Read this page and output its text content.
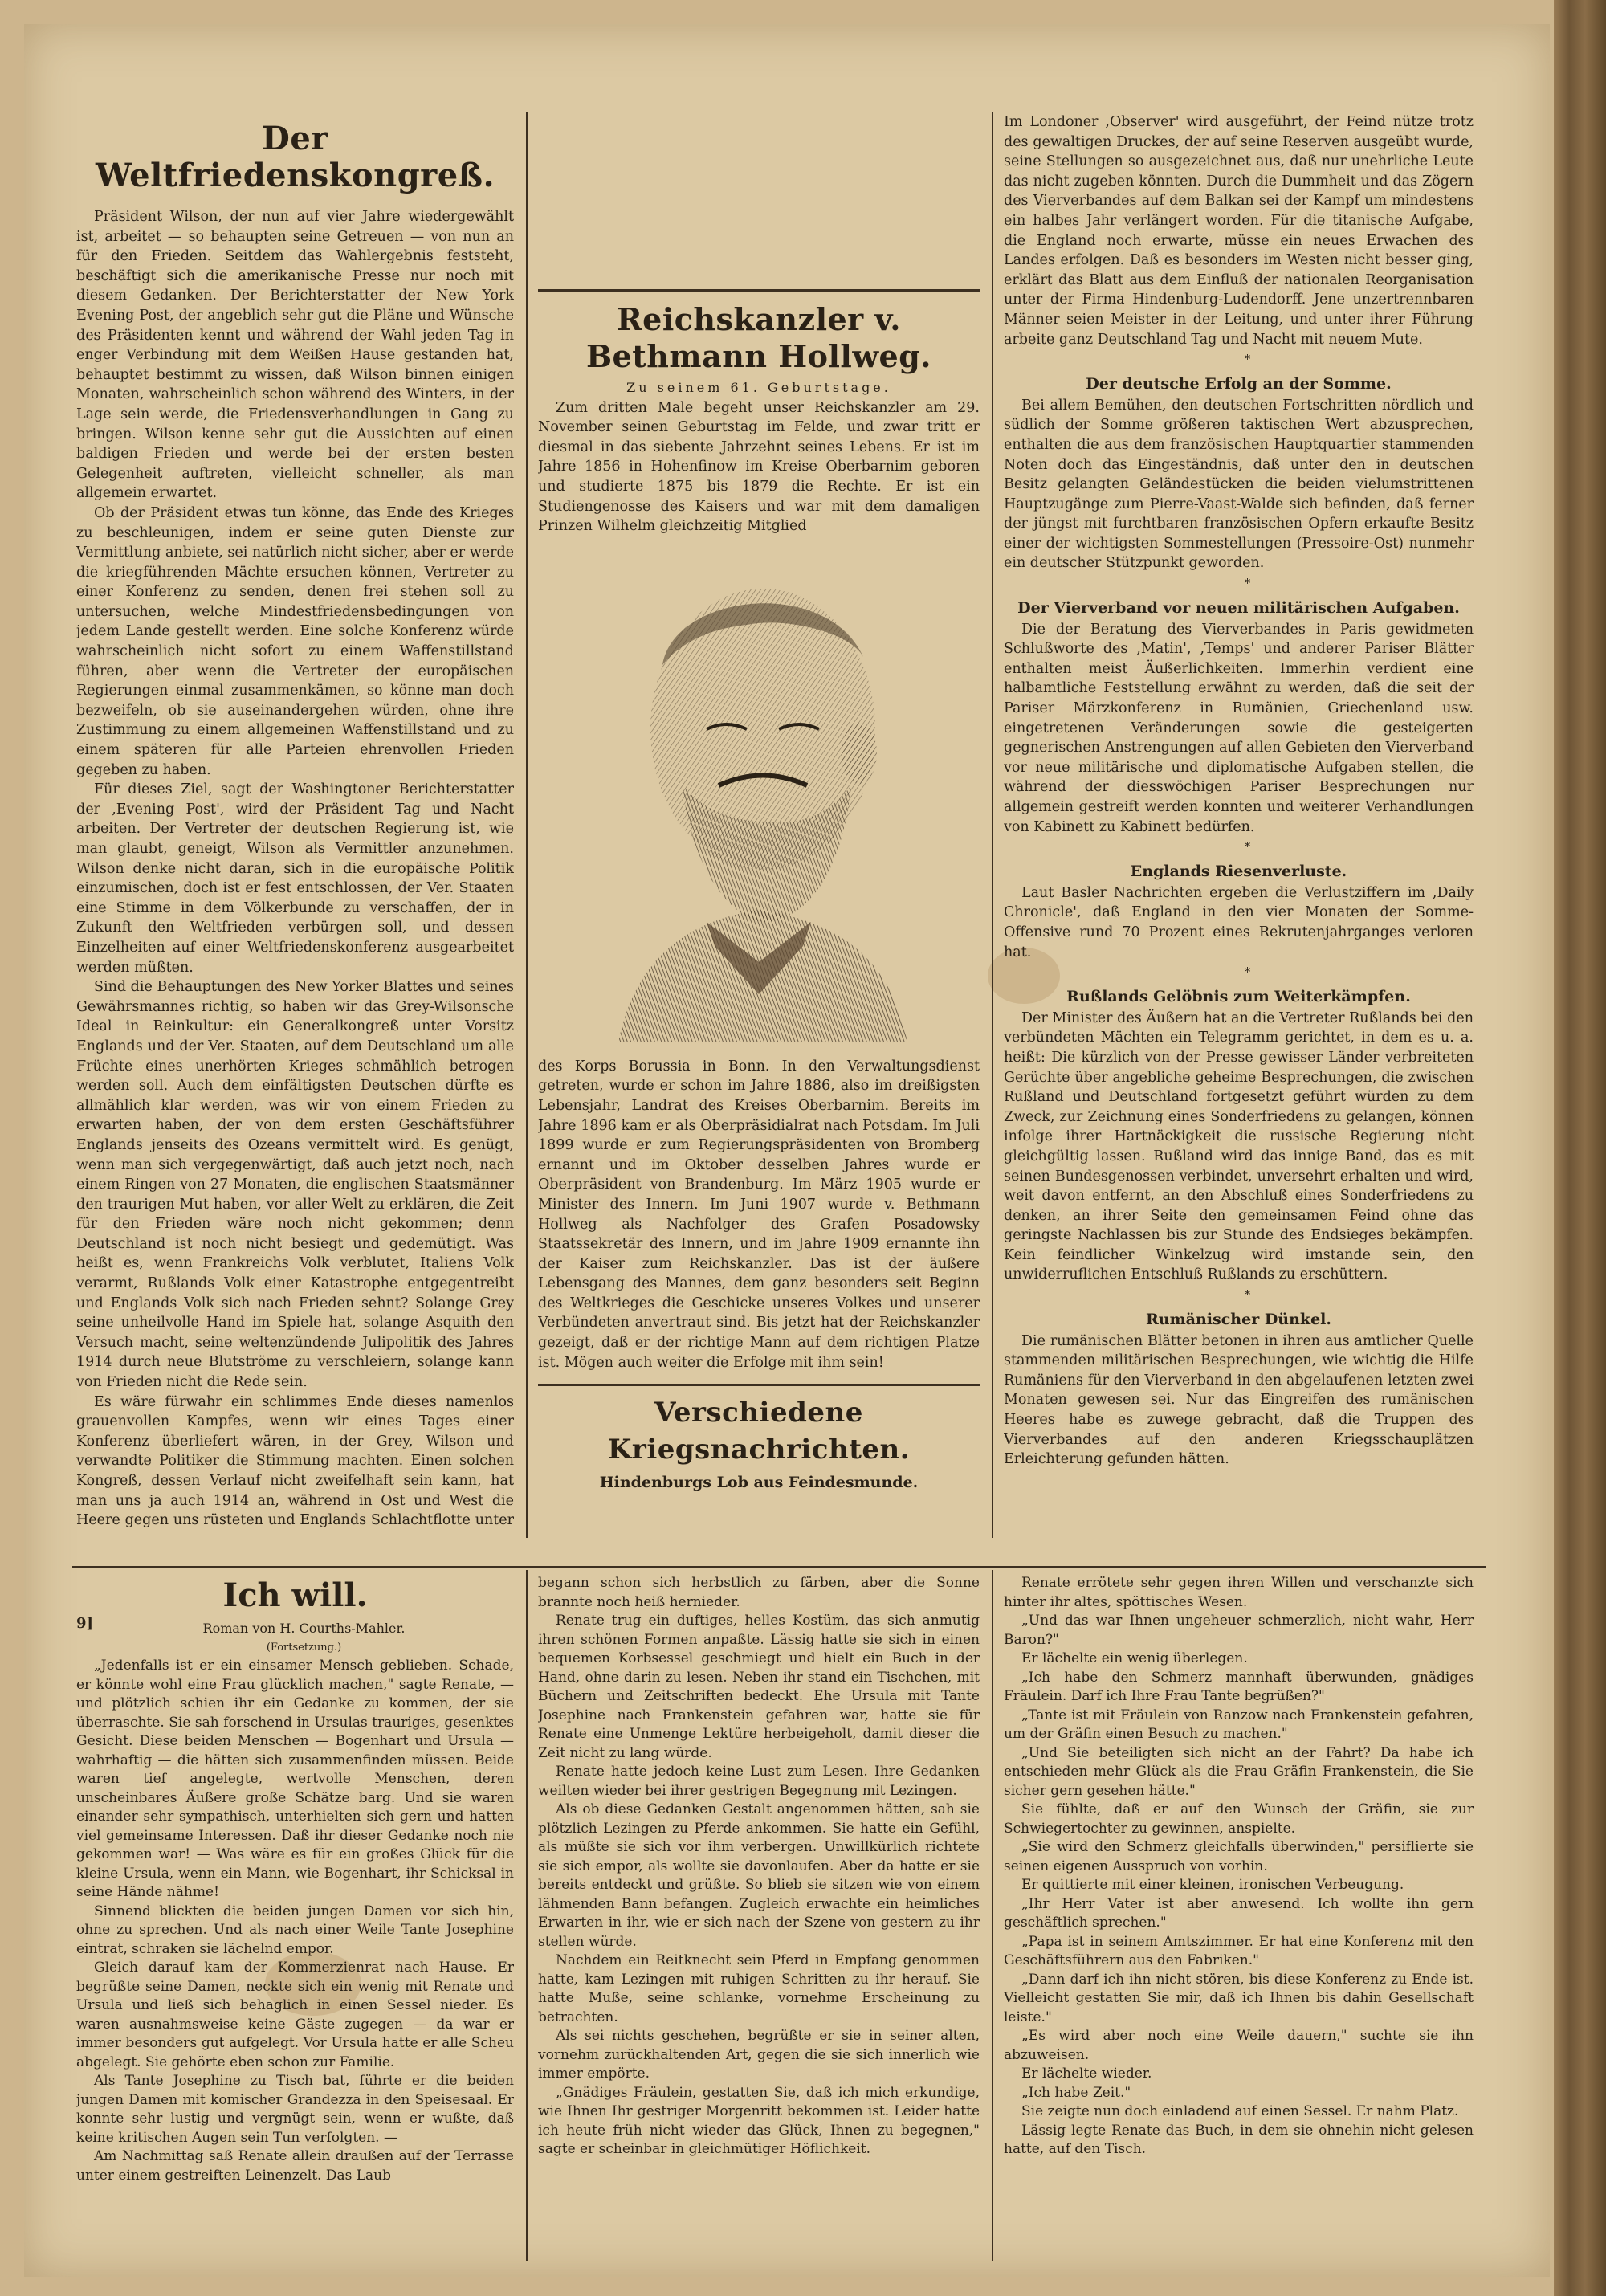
Der Weltfriedenskongreß.

Präsident Wilson, der nun auf vier Jahre wiedergewählt ist, arbeitet — so behaupten seine Getreuen — von nun an für den Frieden. Seitdem das Wahlergebnis feststeht, beschäftigt sich die amerikanische Presse nur noch mit diesem Gedanken. Der Berichterstatter der New York Evening Post, der angeblich sehr gut die Pläne und Wünsche des Präsidenten kennt und während der Wahl jeden Tag in enger Verbindung mit dem Weißen Hause gestanden hat, behauptet bestimmt zu wissen, daß Wilson binnen einigen Monaten, wahrscheinlich schon während des Winters, in der Lage sein werde, die Friedensverhandlungen in Gang zu bringen. Wilson kenne sehr gut die Aussichten auf einen baldigen Frieden und werde bei der ersten besten Gelegenheit auftreten, vielleicht schneller, als man allgemein erwartet.

Ob der Präsident etwas tun könne, das Ende des Krieges zu beschleunigen, indem er seine guten Dienste zur Vermittlung anbiete, sei natürlich nicht sicher, aber er werde die kriegführenden Mächte ersuchen können, Vertreter zu einer Konferenz zu senden, denen frei stehen soll zu untersuchen, welche Mindestfriedensbedingungen von jedem Lande gestellt werden. Eine solche Konferenz würde wahrscheinlich nicht sofort zu einem Waffenstillstand führen, aber wenn die Vertreter der europäischen Regierungen einmal zusammenkämen, so könne man doch bezweifeln, ob sie auseinandergehen würden, ohne ihre Zustimmung zu einem allgemeinen Waffenstillstand und zu einem späteren für alle Parteien ehrenvollen Frieden gegeben zu haben.

Für dieses Ziel, sagt der Washingtoner Berichterstatter der ,Evening Post', wird der Präsident Tag und Nacht arbeiten. Der Vertreter der deutschen Regierung ist, wie man glaubt, geneigt, Wilson als Vermittler anzunehmen. Wilson denke nicht daran, sich in die europäische Politik einzumischen, doch ist er fest entschlossen, der Ver. Staaten eine Stimme in dem Völkerbunde zu verschaffen, der in Zukunft den Weltfrieden verbürgen soll, und dessen Einzelheiten auf einer Weltfriedenskonferenz ausgearbeitet werden müßten.

Sind die Behauptungen des New Yorker Blattes und seines Gewährsmannes richtig, so haben wir das Grey-Wilsonsche Ideal in Reinkultur: ein Generalkongreß unter Vorsitz Englands und der Ver. Staaten, auf dem Deutschland um alle Früchte eines unerhörten Krieges schmählich betrogen werden soll. Auch dem einfältigsten Deutschen dürfte es allmählich klar werden, was wir von einem Frieden zu erwarten haben, der von dem ersten Geschäftsführer Englands jenseits des Ozeans vermittelt wird. Es genügt, wenn man sich vergegenwärtigt, daß auch jetzt noch, nach einem Ringen von 27 Monaten, die englischen Staatsmänner den traurigen Mut haben, vor aller Welt zu erklären, die Zeit für den Frieden wäre noch nicht gekommen; denn Deutschland ist noch nicht besiegt und gedemütigt. Was heißt es, wenn Frankreichs Volk verblutet, Italiens Volk verarmt, Rußlands Volk einer Katastrophe entgegentreibt und Englands Volk sich nach Frieden sehnt? Solange Grey seine unheilvolle Hand im Spiele hat, solange Asquith den Versuch macht, seine weltenzündende Julipolitik des Jahres 1914 durch neue Blutströme zu verschleiern, solange kann von Frieden nicht die Rede sein.

Es wäre fürwahr ein schlimmes Ende dieses namenlos grauenvollen Kampfes, wenn wir eines Tages einer Konferenz überliefert wären, in der Grey, Wilson und verwandte Politiker die Stimmung machten. Einen solchen Kongreß, dessen Verlauf nicht zweifelhaft sein kann, hat man uns ja auch 1914 an, während in Ost und West die Heere gegen uns rüsteten und Englands Schlachtflotte unter

Reichskanzler v. Bethmann Hollweg.

Zu seinem 61. Geburtstage.

Zum dritten Male begeht unser Reichskanzler am 29. November seinen Geburtstag im Felde, und zwar tritt er diesmal in das siebente Jahrzehnt seines Lebens. Er ist im Jahre 1856 in Hohenfinow im Kreise Oberbarnim geboren und studierte 1875 bis 1879 die Rechte. Er ist ein Studiengenosse des Kaisers und war mit dem damaligen Prinzen Wilhelm gleichzeitig Mitglied

des Korps Borussia in Bonn. In den Verwaltungsdienst getreten, wurde er schon im Jahre 1886, also im dreißigsten Lebensjahr, Landrat des Kreises Oberbarnim. Bereits im Jahre 1896 kam er als Oberpräsidialrat nach Potsdam. Im Juli 1899 wurde er zum Regierungspräsidenten von Bromberg ernannt und im Oktober desselben Jahres wurde er Oberpräsident von Brandenburg. Im März 1905 wurde er Minister des Innern. Im Juni 1907 wurde v. Bethmann Hollweg als Nachfolger des Grafen Posadowsky Staatssekretär des Innern, und im Jahre 1909 ernannte ihn der Kaiser zum Reichskanzler. Das ist der äußere Lebensgang des Mannes, dem ganz besonders seit Beginn des Weltkrieges die Geschicke unseres Volkes und unserer Verbündeten anvertraut sind. Bis jetzt hat der Reichskanzler gezeigt, daß er der richtige Mann auf dem richtigen Platze ist. Mögen auch weiter die Erfolge mit ihm sein!

Verschiedene Kriegsnachrichten.
Hindenburgs Lob aus Feindesmunde.

Im Londoner ,Observer' wird ausgeführt, der Feind nütze trotz des gewaltigen Druckes, der auf seine Reserven ausgeübt wurde, seine Stellungen so ausgezeichnet aus, daß nur unehrliche Leute das nicht zugeben könnten. Durch die Dummheit und das Zögern des Vierverbandes auf dem Balkan sei der Kampf um mindestens ein halbes Jahr verlängert worden. Für die titanische Aufgabe, die England noch erwarte, müsse ein neues Erwachen des Landes erfolgen. Daß es besonders im Westen nicht besser ging, erklärt das Blatt aus dem Einfluß der nationalen Reorganisation unter der Firma Hindenburg-Ludendorff. Jene unzertrennbaren Männer seien Meister in der Leitung, und unter ihrer Führung arbeite ganz Deutschland Tag und Nacht mit neuem Mute.

*

Der deutsche Erfolg an der Somme.

Bei allem Bemühen, den deutschen Fortschritten nördlich und südlich der Somme größeren taktischen Wert abzusprechen, enthalten die aus dem französischen Hauptquartier stammenden Noten doch das Eingeständnis, daß unter den in deutschen Besitz gelangten Geländestücken die beiden vielumstrittenen Hauptzugänge zum Pierre-Vaast-Walde sich befinden, daß ferner der jüngst mit furchtbaren französischen Opfern erkaufte Besitz einer der wichtigsten Sommestellungen (Pressoire-Ost) nunmehr ein deutscher Stützpunkt geworden.

*

Der Vierverband vor neuen militärischen Aufgaben.

Die der Beratung des Vierverbandes in Paris gewidmeten Schlußworte des ,Matin', ,Temps' und anderer Pariser Blätter enthalten meist Äußerlichkeiten. Immerhin verdient eine halbamtliche Feststellung erwähnt zu werden, daß die seit der Pariser Märzkonferenz in Rumänien, Griechenland usw. eingetretenen Veränderungen sowie die gesteigerten gegnerischen Anstrengungen auf allen Gebieten den Vierverband vor neue militärische und diplomatische Aufgaben stellen, die während der diesswöchigen Pariser Besprechungen nur allgemein gestreift werden konnten und weiterer Verhandlungen von Kabinett zu Kabinett bedürfen.

*

Englands Riesenverluste.

Laut Basler Nachrichten ergeben die Verlustziffern im ,Daily Chronicle', daß England in den vier Monaten der Somme-Offensive rund 70 Prozent eines Rekrutenjahrganges verloren hat.

*

Rußlands Gelöbnis zum Weiterkämpfen.

Der Minister des Äußern hat an die Vertreter Rußlands bei den verbündeten Mächten ein Telegramm gerichtet, in dem es u. a. heißt: Die kürzlich von der Presse gewisser Länder verbreiteten Gerüchte über angebliche geheime Besprechungen, die zwischen Rußland und Deutschland fortgesetzt geführt würden zu dem Zweck, zur Zeichnung eines Sonderfriedens zu gelangen, können infolge ihrer Hartnäckigkeit die russische Regierung nicht gleichgültig lassen. Rußland wird das innige Band, das es mit seinen Bundesgenossen verbindet, unversehrt erhalten und wird, weit davon entfernt, an den Abschluß eines Sonderfriedens zu denken, an ihrer Seite den gemeinsamen Feind ohne das geringste Nachlassen bis zur Stunde des Endsieges bekämpfen. Kein feindlicher Winkelzug wird imstande sein, den unwiderruflichen Entschluß Rußlands zu erschüttern.

*

Rumänischer Dünkel.

Die rumänischen Blätter betonen in ihren aus amtlicher Quelle stammenden militärischen Besprechungen, wie wichtig die Hilfe Rumäniens für den Vierverband in den abgelaufenen letzten zwei Monaten gewesen sei. Nur das Eingreifen des rumänischen Heeres habe es zuwege gebracht, daß die Truppen des Vierverbandes auf den anderen Kriegsschauplätzen Erleichterung gefunden hätten.

9]
Ich will.

Roman von H. Courths-Mahler.

(Fortsetzung.)

„Jedenfalls ist er ein einsamer Mensch geblieben. Schade, er könnte wohl eine Frau glücklich machen," sagte Renate, — und plötzlich schien ihr ein Gedanke zu kommen, der sie überraschte. Sie sah forschend in Ursulas trauriges, gesenktes Gesicht. Diese beiden Menschen — Bogenhart und Ursula — wahrhaftig — die hätten sich zusammenfinden müssen. Beide waren tief angelegte, wertvolle Menschen, deren unscheinbares Äußere große Schätze barg. Und sie waren einander sehr sympathisch, unterhielten sich gern und hatten viel gemeinsame Interessen. Daß ihr dieser Gedanke noch nie gekommen war! — Was wäre es für ein großes Glück für die kleine Ursula, wenn ein Mann, wie Bogenhart, ihr Schicksal in seine Hände nähme!

Sinnend blickten die beiden jungen Damen vor sich hin, ohne zu sprechen. Und als nach einer Weile Tante Josephine eintrat, schraken sie lächelnd empor.

Gleich darauf kam der Kommerzienrat nach Hause. Er begrüßte seine Damen, neckte sich ein wenig mit Renate und Ursula und ließ sich behaglich in einen Sessel nieder. Es waren ausnahmsweise keine Gäste zugegen — da war er immer besonders gut aufgelegt. Vor Ursula hatte er alle Scheu abgelegt. Sie gehörte eben schon zur Familie.

Als Tante Josephine zu Tisch bat, führte er die beiden jungen Damen mit komischer Grandezza in den Speisesaal. Er konnte sehr lustig und vergnügt sein, wenn er wußte, daß keine kritischen Augen sein Tun verfolgten. —

Am Nachmittag saß Renate allein draußen auf der Terrasse unter einem gestreiften Leinenzelt. Das Laub

begann schon sich herbstlich zu färben, aber die Sonne brannte noch heiß hernieder.

Renate trug ein duftiges, helles Kostüm, das sich anmutig ihren schönen Formen anpaßte. Lässig hatte sie sich in einen bequemen Korbsessel geschmiegt und hielt ein Buch in der Hand, ohne darin zu lesen. Neben ihr stand ein Tischchen, mit Büchern und Zeitschriften bedeckt. Ehe Ursula mit Tante Josephine nach Frankenstein gefahren war, hatte sie für Renate eine Unmenge Lektüre herbeigeholt, damit dieser die Zeit nicht zu lang würde.

Renate hatte jedoch keine Lust zum Lesen. Ihre Gedanken weilten wieder bei ihrer gestrigen Begegnung mit Lezingen.

Als ob diese Gedanken Gestalt angenommen hätten, sah sie plötzlich Lezingen zu Pferde ankommen. Sie hatte ein Gefühl, als müßte sie sich vor ihm verbergen. Unwillkürlich richtete sie sich empor, als wollte sie davonlaufen. Aber da hatte er sie bereits entdeckt und grüßte. So blieb sie sitzen wie von einem lähmenden Bann befangen. Zugleich erwachte ein heimliches Erwarten in ihr, wie er sich nach der Szene von gestern zu ihr stellen würde.

Nachdem ein Reitknecht sein Pferd in Empfang genommen hatte, kam Lezingen mit ruhigen Schritten zu ihr herauf. Sie hatte Muße, seine schlanke, vornehme Erscheinung zu betrachten.

Als sei nichts geschehen, begrüßte er sie in seiner alten, vornehm zurückhaltenden Art, gegen die sie sich innerlich wie immer empörte.

„Gnädiges Fräulein, gestatten Sie, daß ich mich erkundige, wie Ihnen Ihr gestriger Morgenritt bekommen ist. Leider hatte ich heute früh nicht wieder das Glück, Ihnen zu begegnen," sagte er scheinbar in gleichmütiger Höflichkeit.

Renate errötete sehr gegen ihren Willen und verschanzte sich hinter ihr altes, spöttisches Wesen.

„Und das war Ihnen ungeheuer schmerzlich, nicht wahr, Herr Baron?"

Er lächelte ein wenig überlegen.

„Ich habe den Schmerz mannhaft überwunden, gnädiges Fräulein. Darf ich Ihre Frau Tante begrüßen?"

„Tante ist mit Fräulein von Ranzow nach Frankenstein gefahren, um der Gräfin einen Besuch zu machen."

„Und Sie beteiligten sich nicht an der Fahrt? Da habe ich entschieden mehr Glück als die Frau Gräfin Frankenstein, die Sie sicher gern gesehen hätte."

Sie fühlte, daß er auf den Wunsch der Gräfin, sie zur Schwiegertochter zu gewinnen, anspielte.

„Sie wird den Schmerz gleichfalls überwinden," persiflierte sie seinen eigenen Ausspruch von vorhin.

Er quittierte mit einer kleinen, ironischen Verbeugung.

„Ihr Herr Vater ist aber anwesend. Ich wollte ihn gern geschäftlich sprechen."

„Papa ist in seinem Amtszimmer. Er hat eine Konferenz mit den Geschäftsführern aus den Fabriken."

„Dann darf ich ihn nicht stören, bis diese Konferenz zu Ende ist. Vielleicht gestatten Sie mir, daß ich Ihnen bis dahin Gesellschaft leiste."

„Es wird aber noch eine Weile dauern," suchte sie ihn abzuweisen.

Er lächelte wieder.

„Ich habe Zeit."

Sie zeigte nun doch einladend auf einen Sessel. Er nahm Platz.

Lässig legte Renate das Buch, in dem sie ohnehin nicht gelesen hatte, auf den Tisch.
